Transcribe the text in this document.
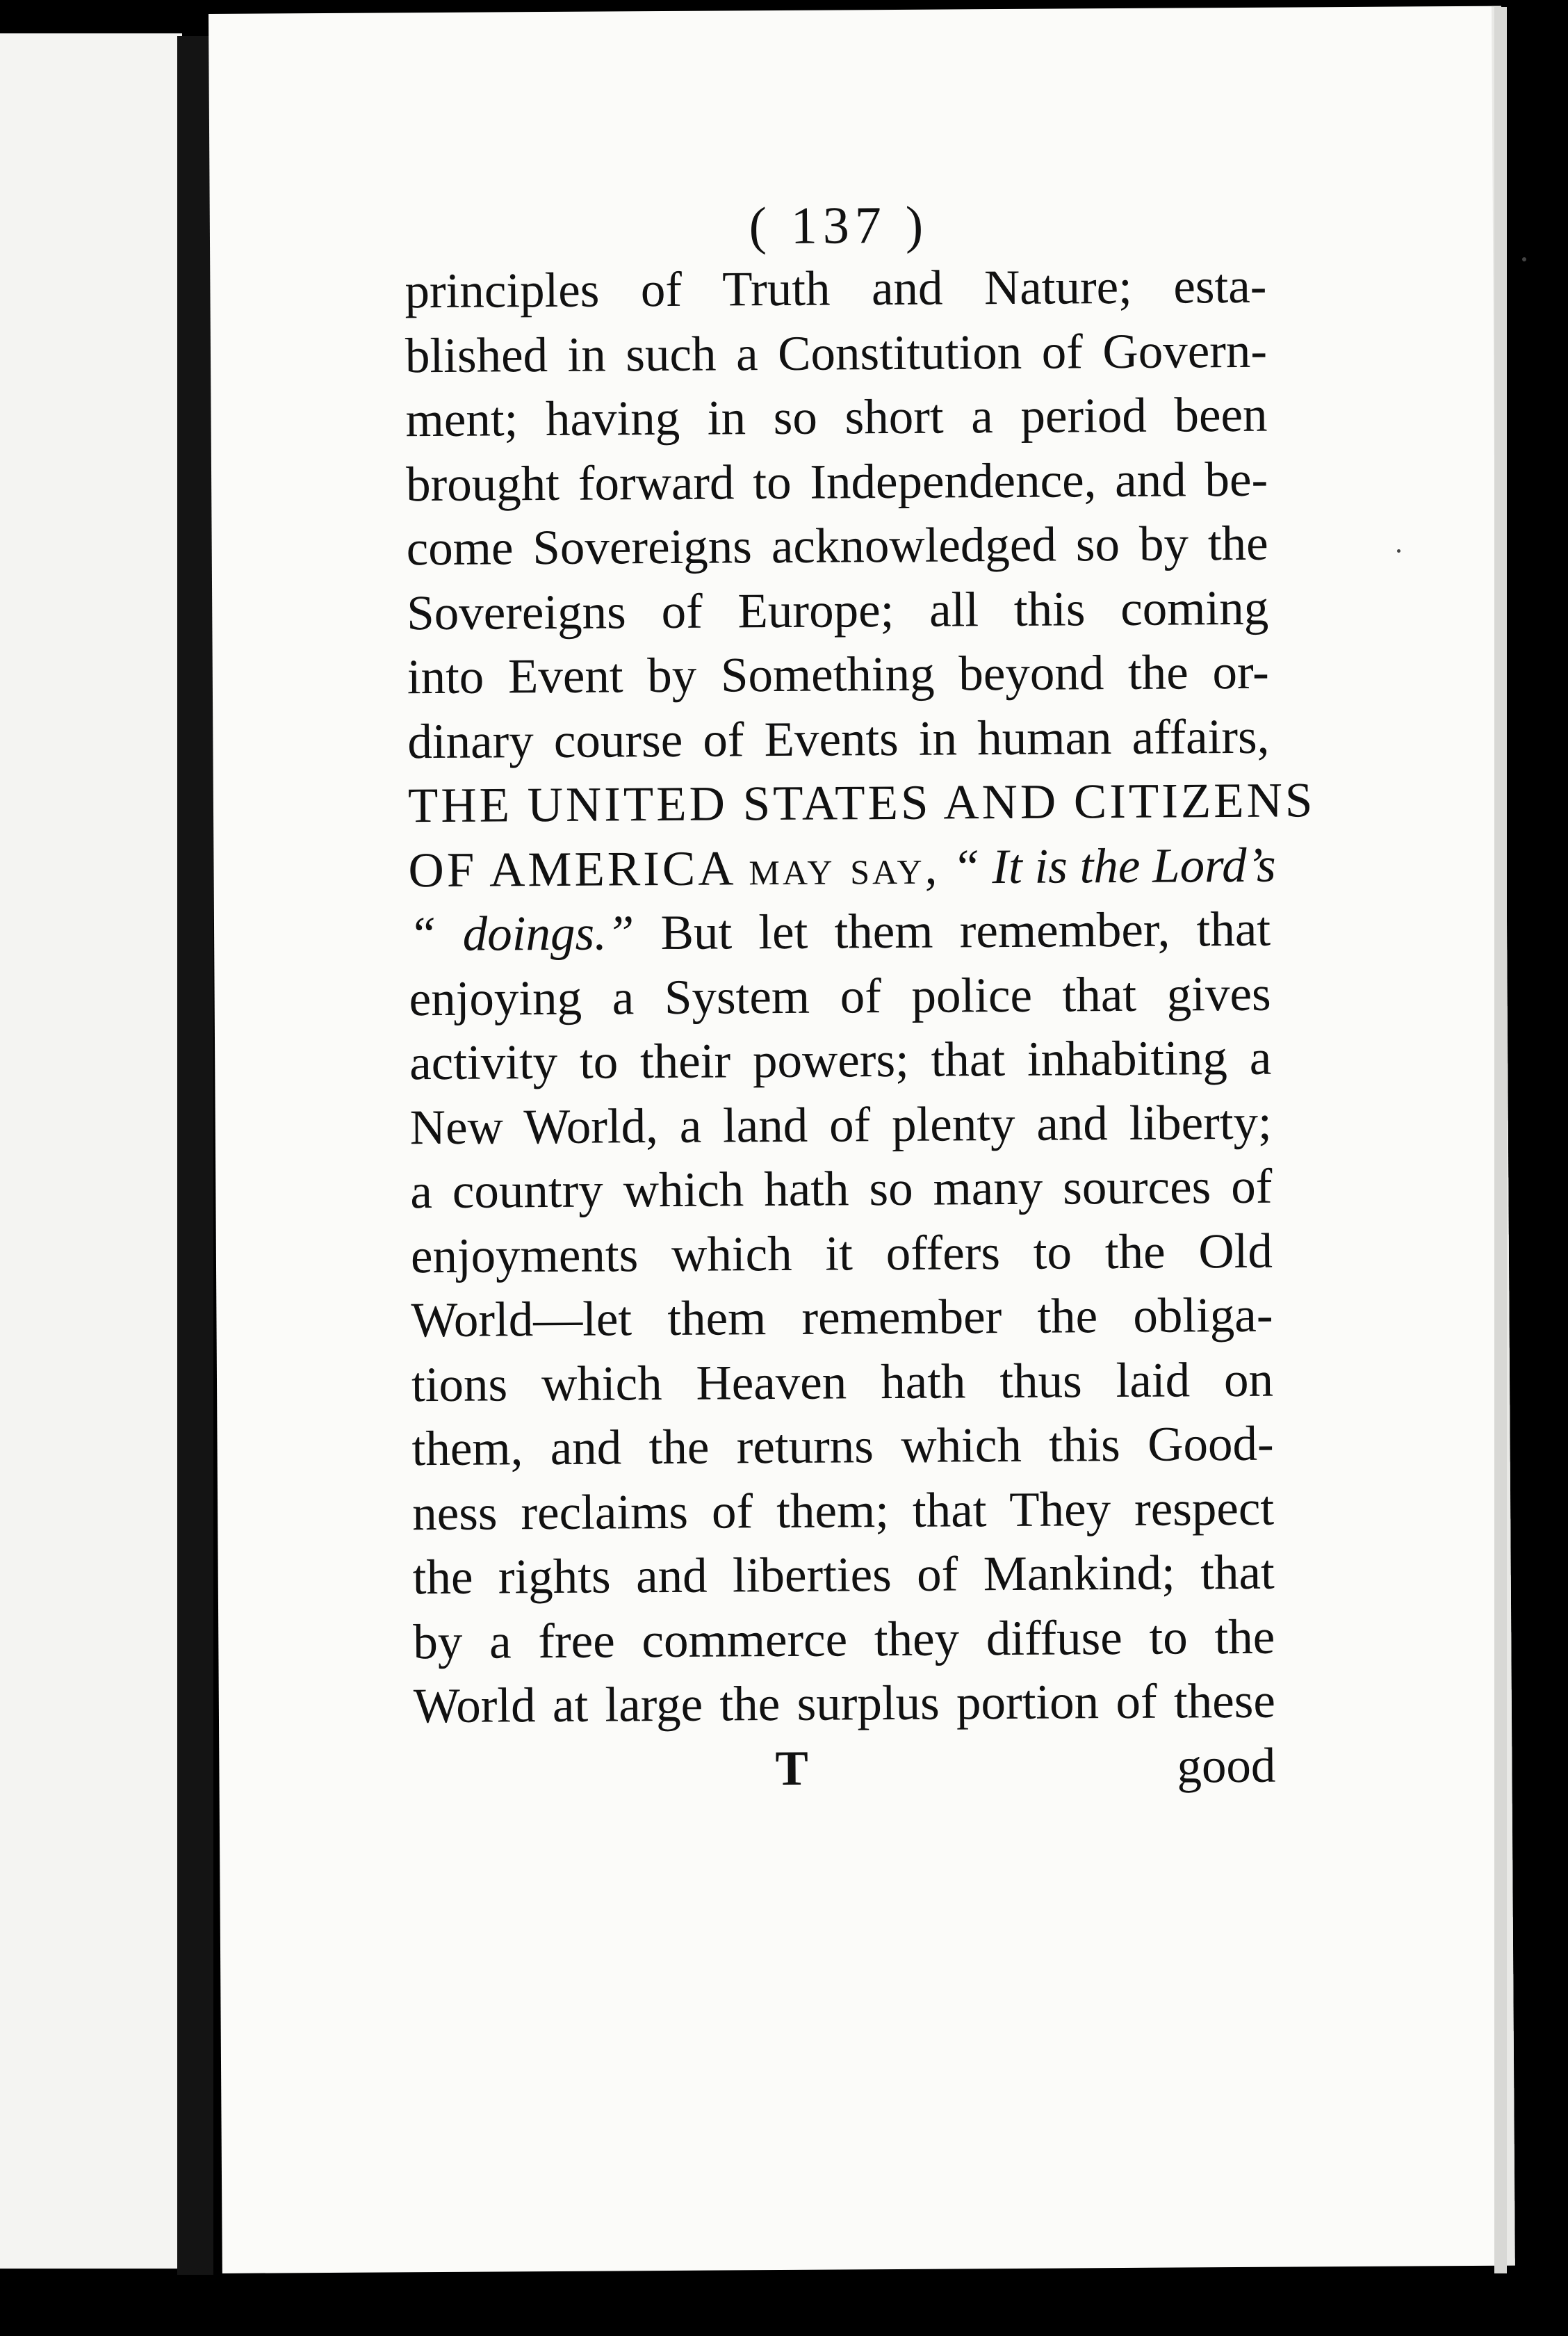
( 137 )
principles of Truth and Nature; esta-
blished in such a Constitution of Govern-
ment; having in so short a period been
brought forward to Independence, and be-
come Sovereigns acknowledged so by the
Sovereigns of Europe; all this coming
into Event by Something beyond the or-
dinary course of Events in human affairs,
THE UNITED STATES AND CITIZENS
OF AMERICA may say, “ It is the Lord’s
“ doings.” But let them remember, that
enjoying a System of police that gives
activity to their powers; that inhabiting a
New World, a land of plenty and liberty;
a country which hath so many sources of
enjoyments which it offers to the Old
World—let them remember the obliga-
tions which Heaven hath thus laid on
them, and the returns which this Good-
ness reclaims of them; that They respect
the rights and liberties of Mankind; that
by a free commerce they diffuse to the
World at large the surplus portion of these
T	good
